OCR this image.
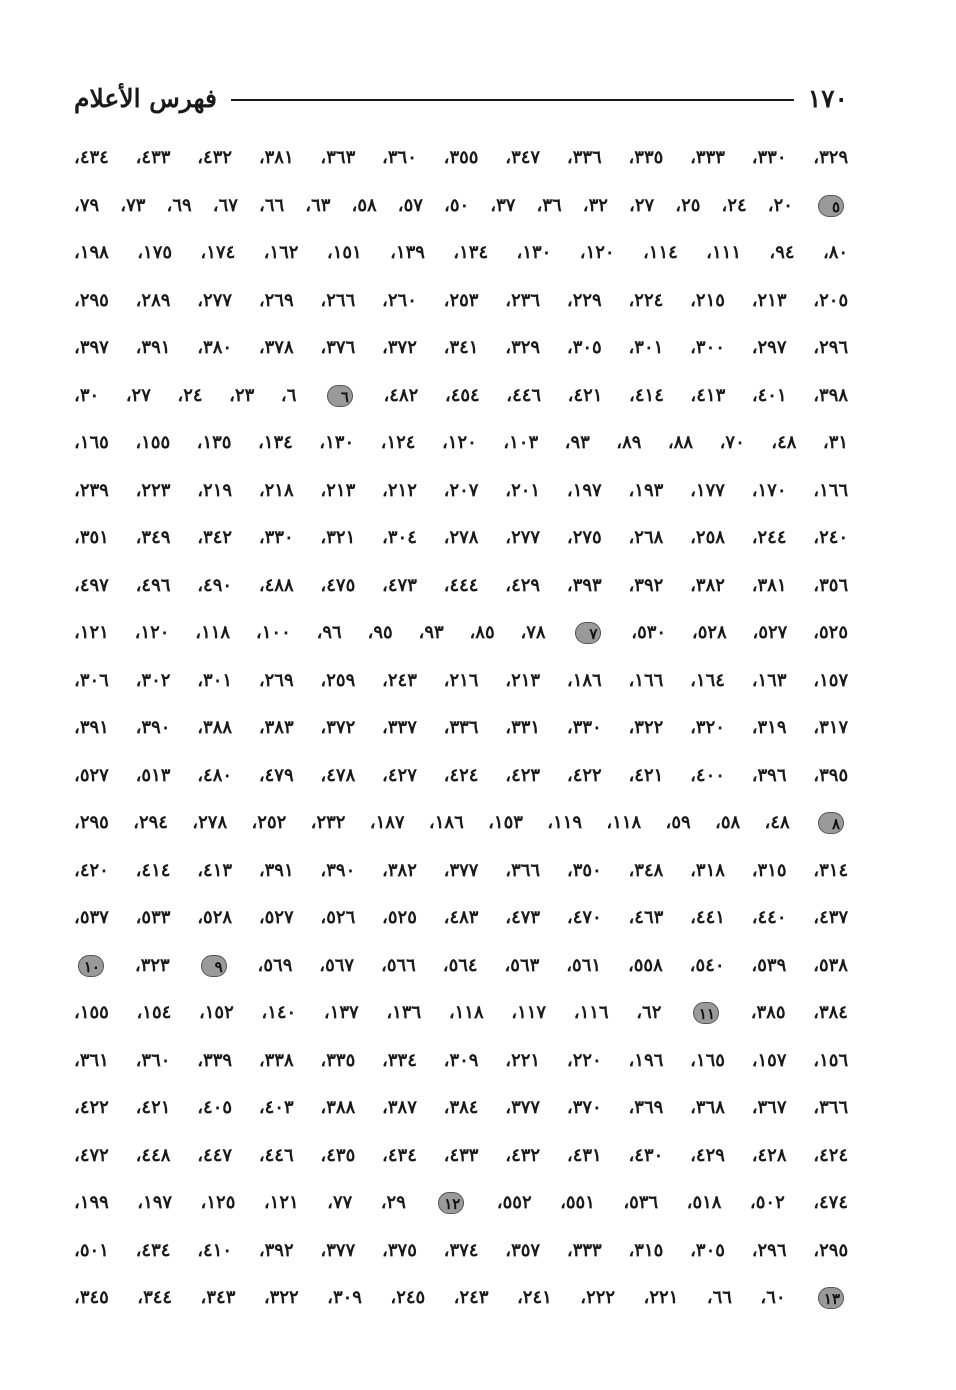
١٧٠
فهرس الأعلام
٣٢٩، ٣٣٠، ٣٣٣، ٣٣٥، ٣٣٦، ٣٤٧، ٣٥٥، ٣٦٠، ٣٦٣، ٣٨١، ٤٣٢، ٤٣٣، ٤٣٤،
٥ ٢٠، ٢٤، ٢٥، ٢٧، ٣٢، ٣٦، ٣٧، ٥٠، ٥٧، ٥٨، ٦٣، ٦٦، ٦٧، ٦٩، ٧٣، ٧٩،
٨٠، ٩٤، ١١١، ١١٤، ١٢٠، ١٣٠، ١٣٤، ١٣٩، ١٥١، ١٦٢، ١٧٤، ١٧٥، ١٩٨،
٢٠٥، ٢١٣، ٢١٥، ٢٢٤، ٢٢٩، ٢٣٦، ٢٥٣، ٢٦٠، ٢٦٦، ٢٦٩، ٢٧٧، ٢٨٩، ٢٩٥،
٢٩٦، ٢٩٧، ٣٠٠، ٣٠١، ٣٠٥، ٣٢٩، ٣٤١، ٣٧٢، ٣٧٦، ٣٧٨، ٣٨٠، ٣٩١، ٣٩٧،
٣٩٨، ٤٠١، ٤١٣، ٤١٤، ٤٢١، ٤٤٦، ٤٥٤، ٤٨٢، ٦ ٦، ٢٣، ٢٤، ٢٧، ٣٠،
٣١، ٤٨، ٧٠، ٨٨، ٨٩، ٩٣، ١٠٣، ١٢٠، ١٢٤، ١٣٠، ١٣٤، ١٣٥، ١٥٥، ١٦٥،
١٦٦، ١٧٠، ١٧٧، ١٩٣، ١٩٧، ٢٠١، ٢٠٧، ٢١٢، ٢١٣، ٢١٨، ٢١٩، ٢٢٣، ٢٣٩،
٢٤٠، ٢٤٤، ٢٥٨، ٢٦٨، ٢٧٥، ٢٧٧، ٢٧٨، ٣٠٤، ٣٢١، ٣٣٠، ٣٤٢، ٣٤٩، ٣٥١،
٣٥٦، ٣٨١، ٣٨٢، ٣٩٢، ٣٩٣، ٤٢٩، ٤٤٤، ٤٧٣، ٤٧٥، ٤٨٨، ٤٩٠، ٤٩٦، ٤٩٧،
٥٢٥، ٥٢٧، ٥٢٨، ٥٣٠، ٧ ٧٨، ٨٥، ٩٣، ٩٥، ٩٦، ١٠٠، ١١٨، ١٢٠، ١٢١،
١٥٧، ١٦٣، ١٦٤، ١٦٦، ١٨٦، ٢١٣، ٢١٦، ٢٤٣، ٢٥٩، ٢٦٩، ٣٠١، ٣٠٢، ٣٠٦،
٣١٧، ٣١٩، ٣٢٠، ٣٢٢، ٣٣٠، ٣٣١، ٣٣٦، ٣٣٧، ٣٧٢، ٣٨٣، ٣٨٨، ٣٩٠، ٣٩١،
٣٩٥، ٣٩٦، ٤٠٠، ٤٢١، ٤٢٢، ٤٢٣، ٤٢٤، ٤٢٧، ٤٧٨، ٤٧٩، ٤٨٠، ٥١٣، ٥٢٧،
٨ ٤٨، ٥٨، ٥٩، ١١٨، ١١٩، ١٥٣، ١٨٦، ١٨٧، ٢٣٢، ٢٥٢، ٢٧٨، ٢٩٤، ٢٩٥،
٣١٤، ٣١٥، ٣١٨، ٣٤٨، ٣٥٠، ٣٦٦، ٣٧٧، ٣٨٢، ٣٩٠، ٣٩١، ٤١٣، ٤١٤، ٤٢٠،
٤٣٧، ٤٤٠، ٤٤١، ٤٦٣، ٤٧٠، ٤٧٣، ٤٨٣، ٥٢٥، ٥٢٦، ٥٢٧، ٥٢٨، ٥٣٣، ٥٣٧،
٥٣٨، ٥٣٩، ٥٤٠، ٥٥٨، ٥٦١، ٥٦٣، ٥٦٤، ٥٦٦، ٥٦٧، ٥٦٩، ٩ ٣٢٣، ١٠
٣٨٤، ٣٨٥، ١١ ٦٢، ١١٦، ١١٧، ١١٨، ١٣٦، ١٣٧، ١٤٠، ١٥٢، ١٥٤، ١٥٥،
١٥٦، ١٥٧، ١٦٥، ١٩٦، ٢٢٠، ٢٢١، ٣٠٩، ٣٣٤، ٣٣٥، ٣٣٨، ٣٣٩، ٣٦٠، ٣٦١،
٣٦٦، ٣٦٧، ٣٦٨، ٣٦٩، ٣٧٠، ٣٧٧، ٣٨٤، ٣٨٧، ٣٨٨، ٤٠٣، ٤٠٥، ٤٢١، ٤٢٢،
٤٢٤، ٤٢٨، ٤٢٩، ٤٣٠، ٤٣١، ٤٣٢، ٤٣٣، ٤٣٤، ٤٣٥، ٤٤٦، ٤٤٧، ٤٤٨، ٤٧٢،
٤٧٤، ٥٠٢، ٥١٨، ٥٣٦، ٥٥١، ٥٥٢، ١٢ ٢٩، ٧٧، ١٢١، ١٢٥، ١٩٧، ١٩٩،
٢٩٥، ٢٩٦، ٣٠٥، ٣١٥، ٣٣٣، ٣٥٧، ٣٧٤، ٣٧٥، ٣٧٧، ٣٩٢، ٤١٠، ٤٣٤، ٥٠١،
١٣ ٦٠، ٦٦، ٢٢١، ٢٢٢، ٢٤١، ٢٤٣، ٢٤٥، ٣٠٩، ٣٢٢، ٣٤٣، ٣٤٤، ٣٤٥،
